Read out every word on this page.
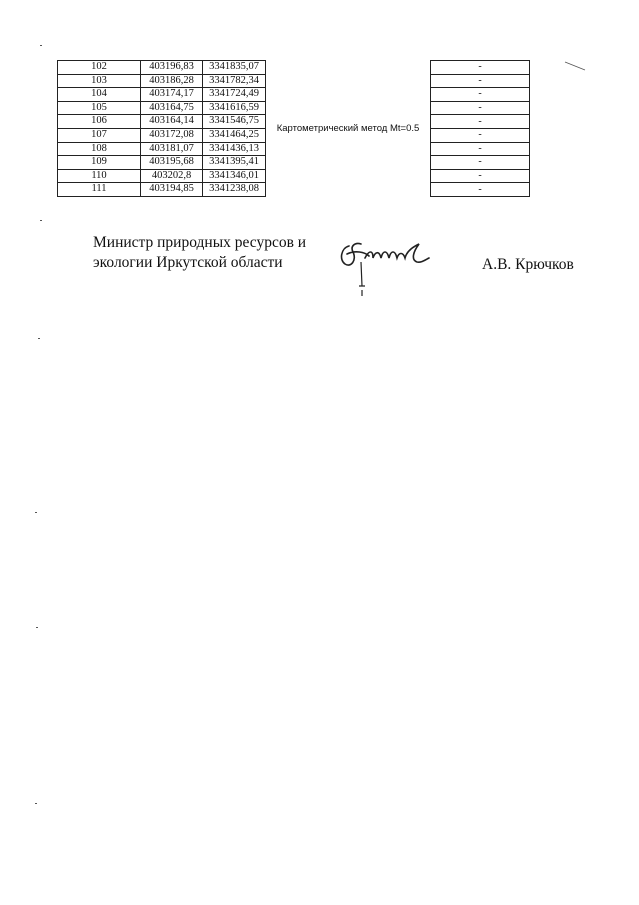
102	403196,83	3341835,07	Картометрический метод Mt=0.5	-
103	403186,28	3341782,34		-
104	403174,17	3341724,49		-
105	403164,75	3341616,59		-
106	403164,14	3341546,75		-
107	403172,08	3341464,25		-
108	403181,07	3341436,13		-
109	403195,68	3341395,41		-
110	403202,8	3341346,01		-
111	403194,85	3341238,08		-
Министр природных ресурсов и
экологии Иркутской области	А.В. Крючков
